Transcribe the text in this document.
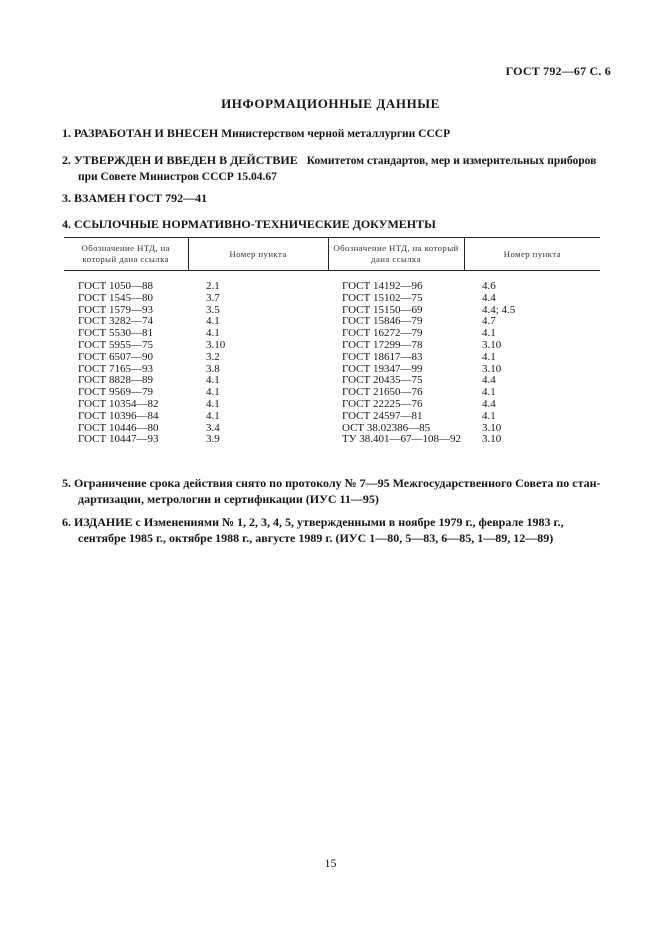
ГОСТ 792—67 С. 6
ИНФОРМАЦИОННЫЕ ДАННЫЕ
1. РАЗРАБОТАН И ВНЕСЕН Министерством черной металлургии СССР
2. УТВЕРЖДЕН И ВВЕДЕН В ДЕЙСТВИЕ Комитетом стандартов, мер и измерительных приборов
при Совете Министров СССР 15.04.67
3. ВЗАМЕН ГОСТ 792—41
4. ССЫЛОЧНЫЕ НОРМАТИВНО-ТЕХНИЧЕСКИЕ ДОКУМЕНТЫ
Обозначение НТД, на который дана ссылка	Номер пункта	Обозначение НТД, на который дана ссылка	Номер пункта
ГОСТ 1050—88	2.1	ГОСТ 14192—96	4.6
ГОСТ 1545—80	3.7	ГОСТ 15102—75	4.4
ГОСТ 1579—93	3.5	ГОСТ 15150—69	4.4; 4.5
ГОСТ 3282—74	4.1	ГОСТ 15846—79	4.7
ГОСТ 5530—81	4.1	ГОСТ 16272—79	4.1
ГОСТ 5955—75	3.10	ГОСТ 17299—78	3.10
ГОСТ 6507—90	3.2	ГОСТ 18617—83	4.1
ГОСТ 7165—93	3.8	ГОСТ 19347—99	3.10
ГОСТ 8828—89	4.1	ГОСТ 20435—75	4.4
ГОСТ 9569—79	4.1	ГОСТ 21650—76	4.1
ГОСТ 10354—82	4.1	ГОСТ 22225—76	4.4
ГОСТ 10396—84	4.1	ГОСТ 24597—81	4.1
ГОСТ 10446—80	3.4	ОСТ 38.02386—85	3.10
ГОСТ 10447—93	3.9	ТУ 38.401—67—108—92	3.10
5. Ограничение срока действия снято по протоколу № 7—95 Межгосударственного Совета по стан-
дартизации, метрологии и сертификации (ИУС 11—95)
6. ИЗДАНИЕ с Изменениями № 1, 2, 3, 4, 5, утвержденными в ноябре 1979 г., феврале 1983 г.,
сентябре 1985 г., октябре 1988 г., августе 1989 г. (ИУС 1—80, 5—83, 6—85, 1—89, 12—89)
15
